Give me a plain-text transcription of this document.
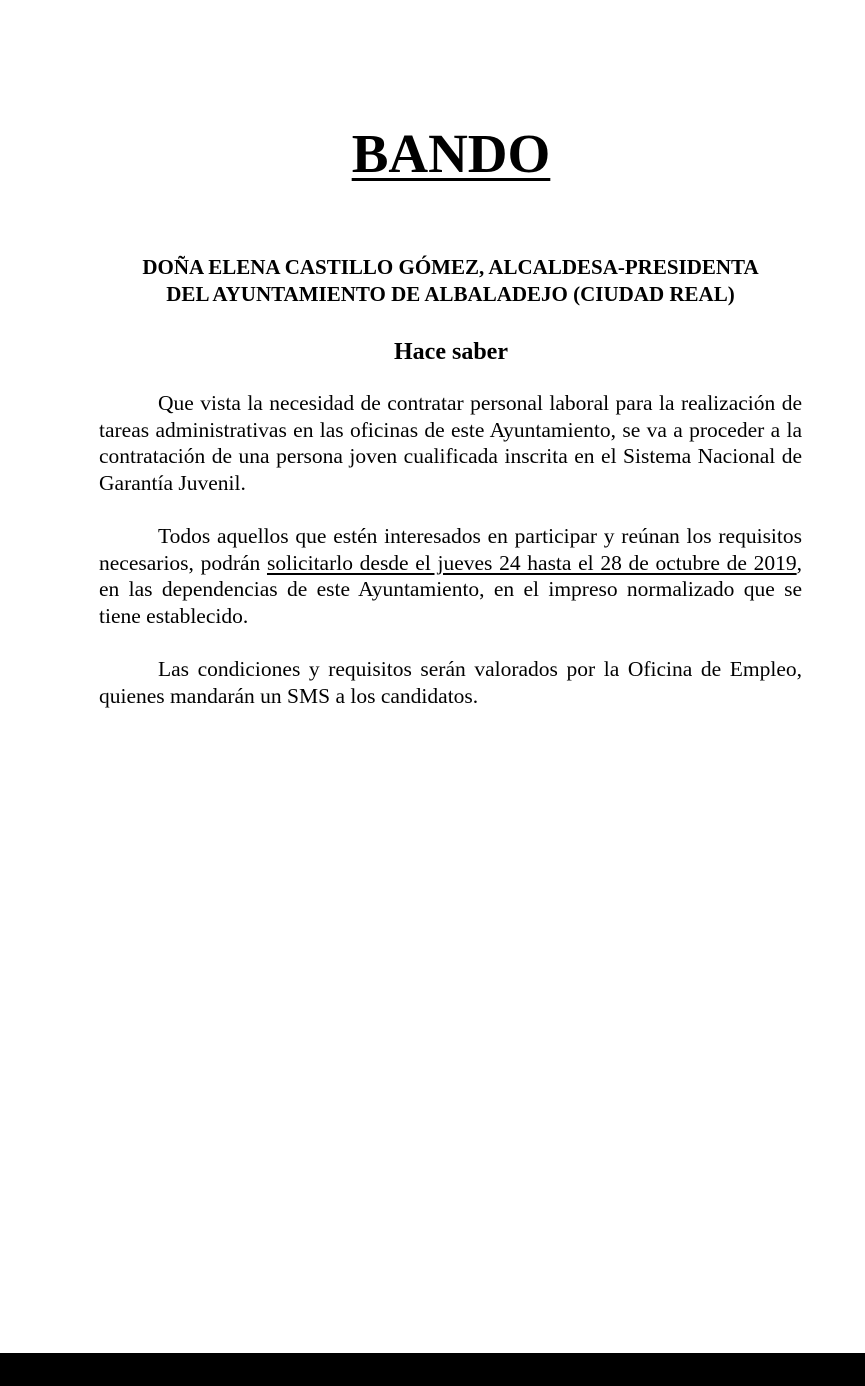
BANDO
DOÑA ELENA CASTILLO GÓMEZ, ALCALDESA-PRESIDENTA
DEL AYUNTAMIENTO DE ALBALADEJO (CIUDAD REAL)
Hace saber

Que vista la necesidad de contratar personal laboral para la realización de tareas administrativas en las oficinas de este Ayuntamiento, se va a proceder a la contratación de una persona joven cualificada inscrita en el Sistema Nacional de Garantía Juvenil.

Todos aquellos que estén interesados en participar y reúnan los requisitos necesarios, podrán solicitarlo desde el jueves 24 hasta el 28 de octubre de 2019, en las dependencias de este Ayuntamiento, en el impreso normalizado que se tiene establecido.

Las condiciones y requisitos serán valorados por la Oficina de Empleo, quienes mandarán un SMS a los candidatos.
